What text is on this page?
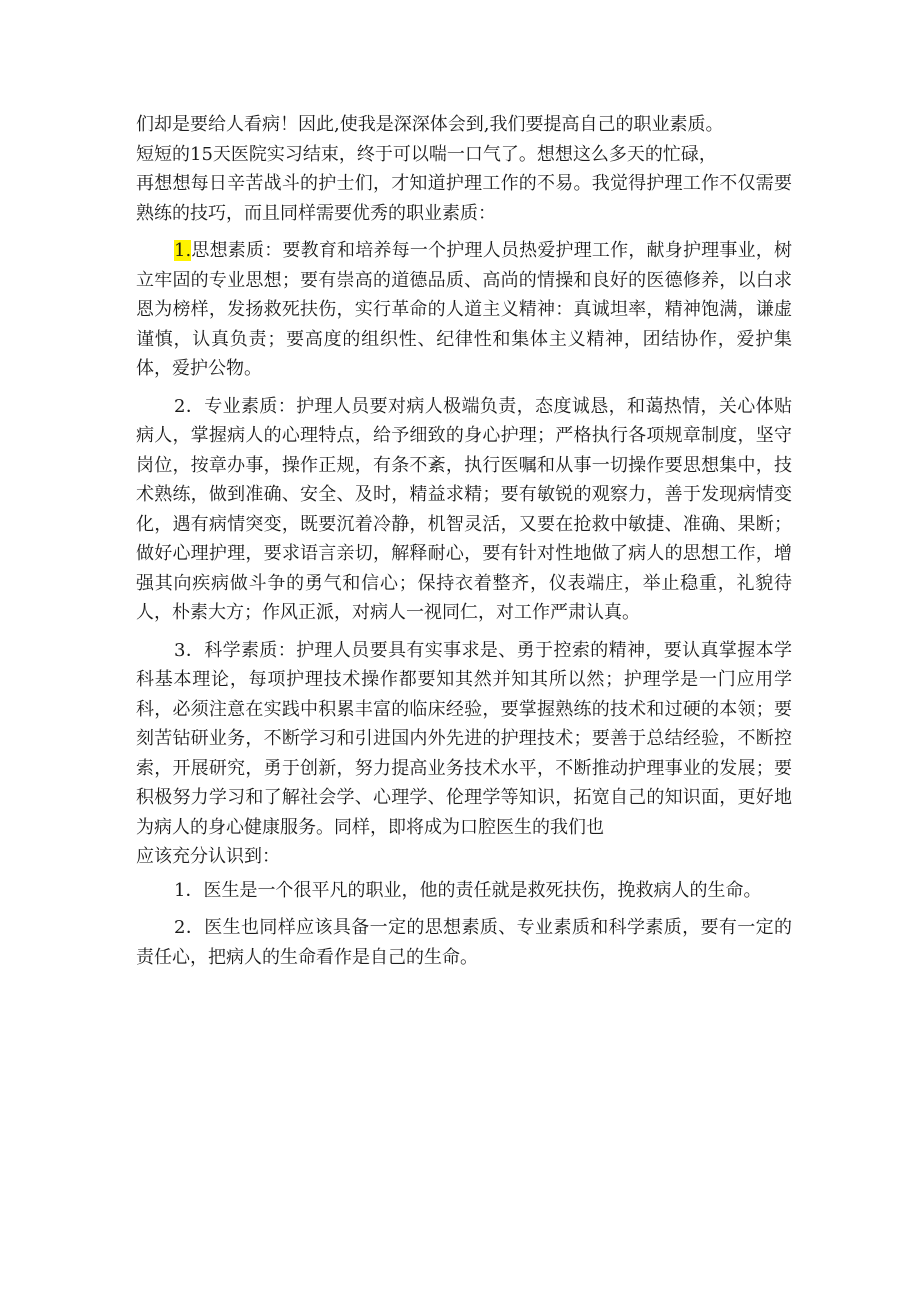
们却是要给人看病！因此,使我是深深体会到,我们要提高自己的职业素质。

短短的15天医院实习结束，终于可以喘一口气了。想想这么多天的忙碌，

再想想每日辛苦战斗的护士们，才知道护理工作的不易。我觉得护理工作不仅需要熟练的技巧，而且同样需要优秀的职业素质：

1.思想素质：要教育和培养每一个护理人员热爱护理工作，献身护理事业，树立牢固的专业思想；要有崇高的道德品质、高尚的情操和良好的医德修养，以白求恩为榜样，发扬救死扶伤，实行革命的人道主义精神：真诚坦率，精神饱满，谦虚谨慎，认真负责；要高度的组织性、纪律性和集体主义精神，团结协作，爱护集体，爱护公物。

2．专业素质：护理人员要对病人极端负责，态度诚恳，和蔼热情，关心体贴病人，掌握病人的心理特点，给予细致的身心护理；严格执行各项规章制度，坚守岗位，按章办事，操作正规，有条不紊，执行医嘱和从事一切操作要思想集中，技术熟练，做到准确、安全、及时，精益求精；要有敏锐的观察力，善于发现病情变化，遇有病情突变，既要沉着冷静，机智灵活，又要在抢救中敏捷、准确、果断；做好心理护理，要求语言亲切，解释耐心，要有针对性地做了病人的思想工作，增强其向疾病做斗争的勇气和信心；保持衣着整齐，仪表端庄，举止稳重，礼貌待人，朴素大方；作风正派，对病人一视同仁，对工作严肃认真。

3．科学素质：护理人员要具有实事求是、勇于控索的精神，要认真掌握本学科基本理论，每项护理技术操作都要知其然并知其所以然；护理学是一门应用学科，必须注意在实践中积累丰富的临床经验，要掌握熟练的技术和过硬的本领；要刻苦钻研业务，不断学习和引进国内外先进的护理技术；要善于总结经验，不断控索，开展研究，勇于创新，努力提高业务技术水平，不断推动护理事业的发展；要积极努力学习和了解社会学、心理学、伦理学等知识，拓宽自己的知识面，更好地为病人的身心健康服务。同样，即将成为口腔医生的我们也

应该充分认识到：

1．医生是一个很平凡的职业，他的责任就是救死扶伤，挽救病人的生命。

2．医生也同样应该具备一定的思想素质、专业素质和科学素质，要有一定的责任心，把病人的生命看作是自己的生命。
